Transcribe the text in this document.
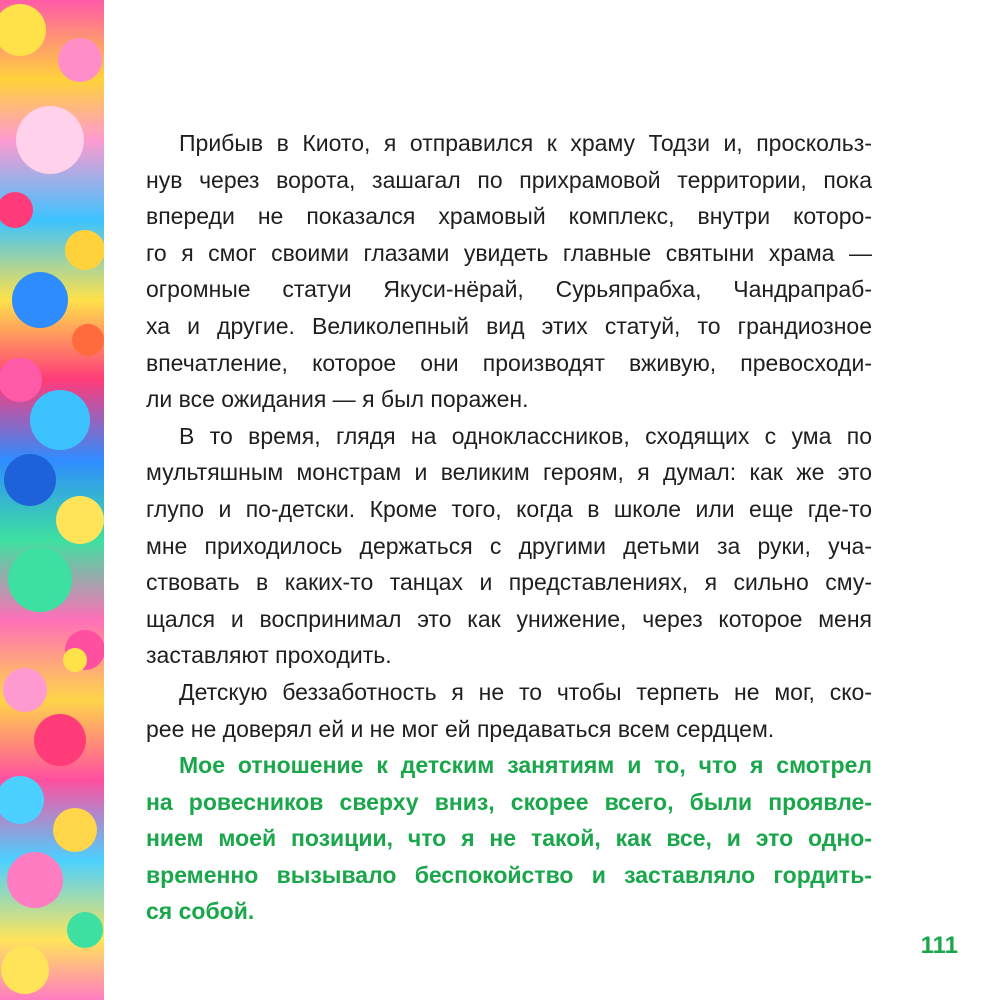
Прибыв в Киото, я отправился к храму Тодзи и, проскольз-
нув через ворота, зашагал по прихрамовой территории, пока
впереди не показался храмовый комплекс, внутри которо-
го я смог своими глазами увидеть главные святыни храма —
огромные статуи Якуси-нёрай, Сурьяпрабха, Чандрапраб-
ха и другие. Великолепный вид этих статуй, то грандиозное
впечатление, которое они производят вживую, превосходи-
ли все ожидания — я был поражен.
В то время, глядя на одноклассников, сходящих с ума по
мультяшным монстрам и великим героям, я думал: как же это
глупо и по-детски. Кроме того, когда в школе или еще где-то
мне приходилось держаться с другими детьми за руки, уча-
ствовать в каких-то танцах и представлениях, я сильно сму-
щался и воспринимал это как унижение, через которое меня
заставляют проходить.
Детскую беззаботность я не то чтобы терпеть не мог, ско-
рее не доверял ей и не мог ей предаваться всем сердцем.
Мое отношение к детским занятиям и то, что я смотрел
на ровесников сверху вниз, скорее всего, были проявле-
нием моей позиции, что я не такой, как все, и это одно-
временно вызывало беспокойство и заставляло гордить-
ся собой.
111
